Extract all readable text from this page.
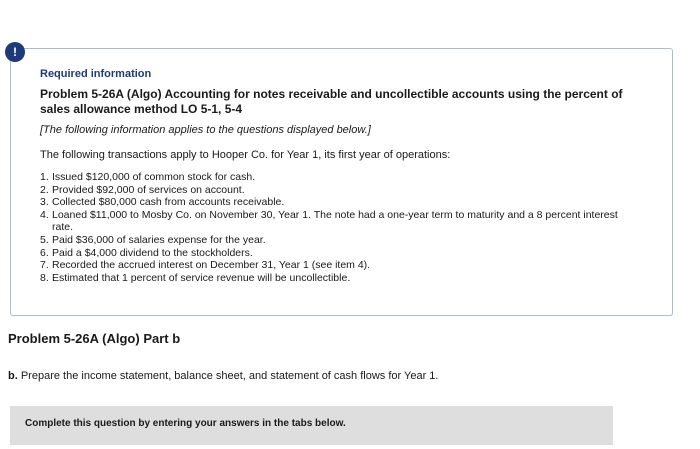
Required information
Problem 5-26A (Algo) Accounting for notes receivable and uncollectible accounts using the percent of sales allowance method LO 5-1, 5-4
[The following information applies to the questions displayed below.]
The following transactions apply to Hooper Co. for Year 1, its first year of operations:
1. Issued $120,000 of common stock for cash.
2. Provided $92,000 of services on account.
3. Collected $80,000 cash from accounts receivable.
4. Loaned $11,000 to Mosby Co. on November 30, Year 1. The note had a one-year term to maturity and a 8 percent interest rate.
5. Paid $36,000 of salaries expense for the year.
6. Paid a $4,000 dividend to the stockholders.
7. Recorded the accrued interest on December 31, Year 1 (see item 4).
8. Estimated that 1 percent of service revenue will be uncollectible.
!
Problem 5-26A (Algo) Part b
b. Prepare the income statement, balance sheet, and statement of cash flows for Year 1.
Complete this question by entering your answers in the tabs below.
